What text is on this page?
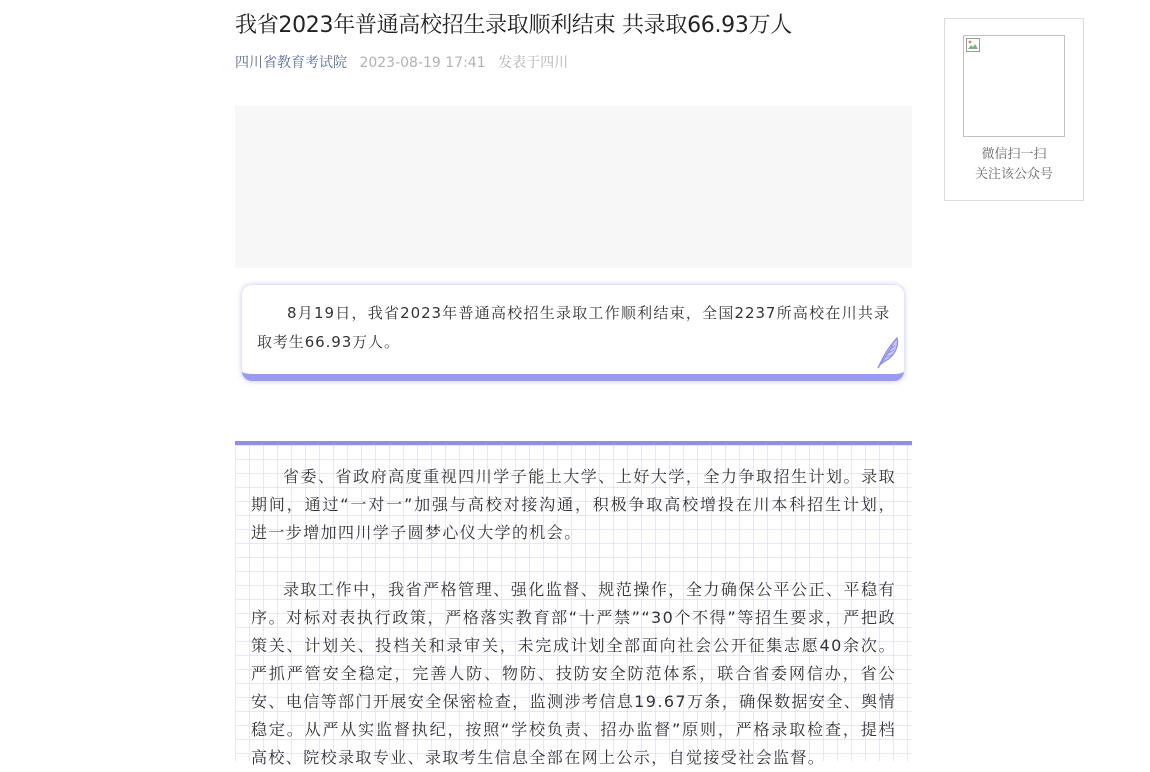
我省2023年普通高校招生录取顺利结束 共录取66.93万人
四川省教育考试院 2023-08-19 17:41 发表于四川

8月19日，我省2023年普通高校招生录取工作顺利结束，全国2237所高校在川共录取考生66.93万人。

省委、省政府高度重视四川学子能上大学、上好大学，全力争取招生计划。录取期间，通过“一对一”加强与高校对接沟通，积极争取高校增投在川本科招生计划，进一步增加四川学子圆梦心仪大学的机会。

录取工作中，我省严格管理、强化监督、规范操作，全力确保公平公正、平稳有序。对标对表执行政策，严格落实教育部“十严禁”“30个不得”等招生要求，严把政策关、计划关、投档关和录审关，未完成计划全部面向社会公开征集志愿40余次。严抓严管安全稳定，完善人防、物防、技防安全防范体系，联合省委网信办，省公安、电信等部门开展安全保密检查，监测涉考信息19.67万条，确保数据安全、舆情稳定。从严从实监督执纪，按照“学校负责、招办监督”原则，严格录取检查，提档高校、院校录取专业、录取考生信息全部在网上公示，自觉接受社会监督。

微信扫一扫
关注该公众号
